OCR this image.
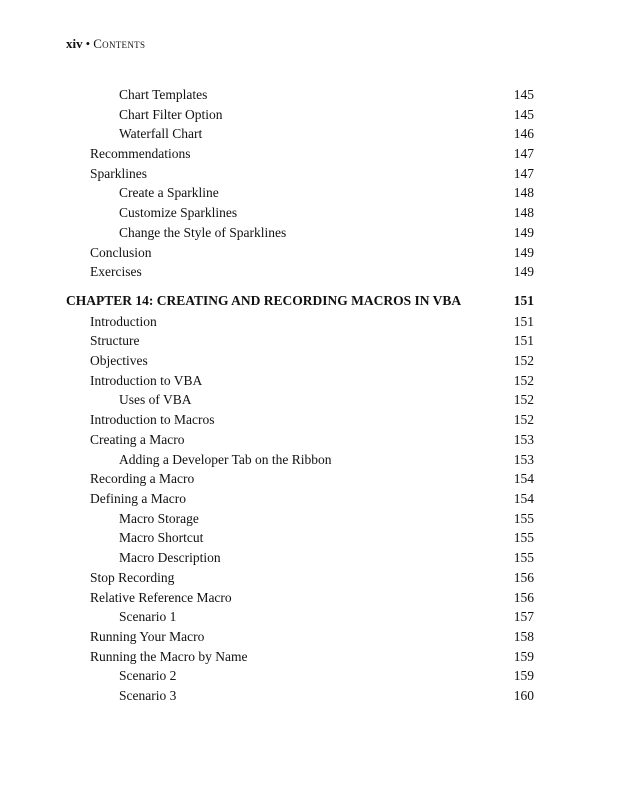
xiv • Contents
Chart Templates	145
Chart Filter Option	145
Waterfall Chart	146
Recommendations	147
Sparklines	147
Create a Sparkline	148
Customize Sparklines	148
Change the Style of Sparklines	149
Conclusion	149
Exercises	149
CHAPTER 14: CREATING AND RECORDING MACROS IN VBA	151
Introduction	151
Structure	151
Objectives	152
Introduction to VBA	152
Uses of VBA	152
Introduction to Macros	152
Creating a Macro	153
Adding a Developer Tab on the Ribbon	153
Recording a Macro	154
Defining a Macro	154
Macro Storage	155
Macro Shortcut	155
Macro Description	155
Stop Recording	156
Relative Reference Macro	156
Scenario 1	157
Running Your Macro	158
Running the Macro by Name	159
Scenario 2	159
Scenario 3	160
